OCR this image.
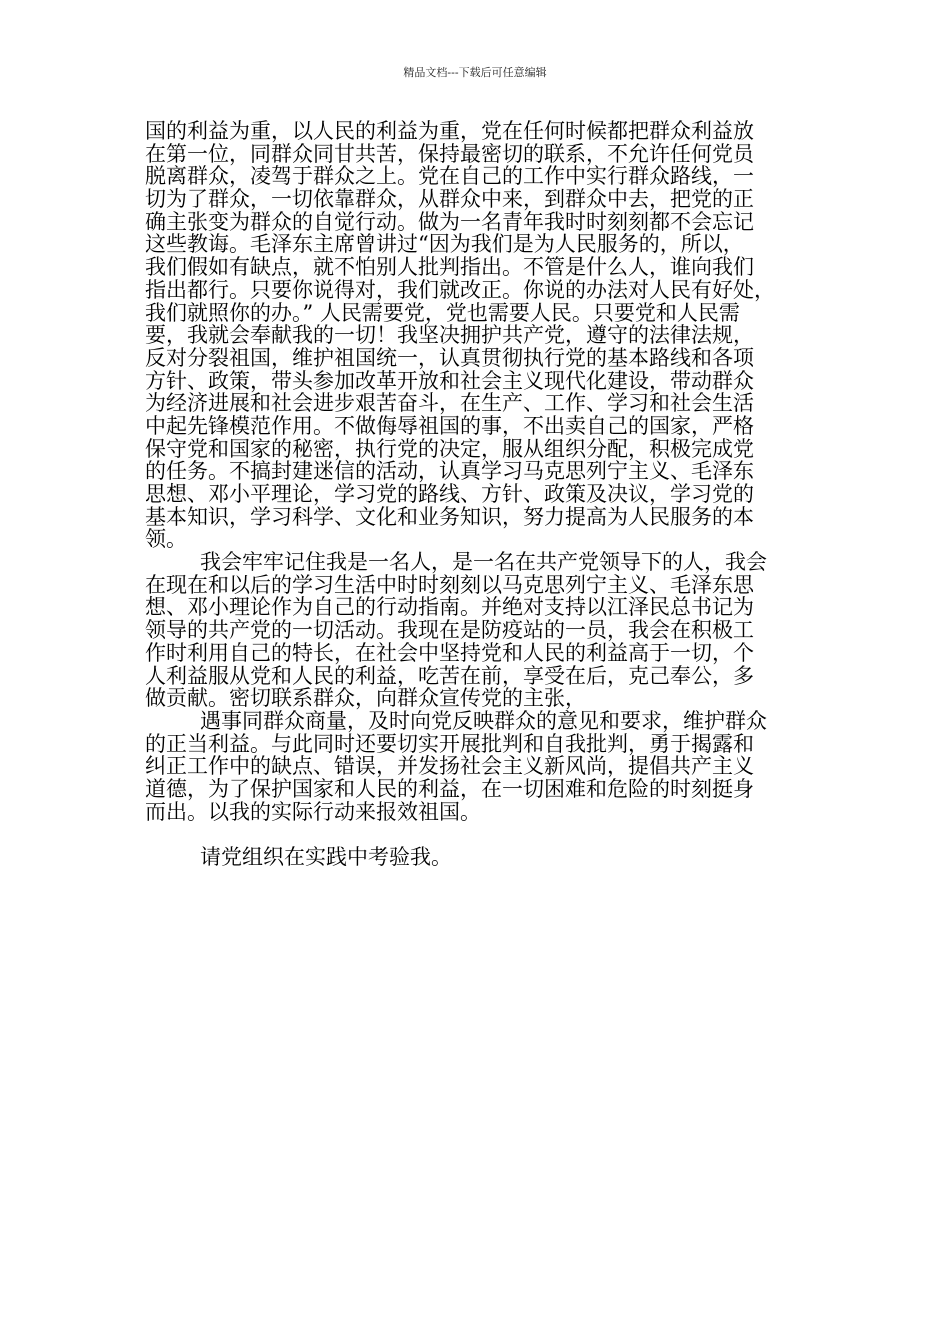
精品文档---下载后可任意编辑
国的利益为重，以人民的利益为重，党在任何时候都把群众利益放
在第一位，同群众同甘共苦，保持最密切的联系，不允许任何党员
脱离群众，凌驾于群众之上。党在自己的工作中实行群众路线，一
切为了群众，一切依靠群众，从群众中来，到群众中去，把党的正
确主张变为群众的自觉行动。做为一名青年我时时刻刻都不会忘记
这些教诲。毛泽东主席曾讲过“因为我们是为人民服务的，所以，
我们假如有缺点，就不怕别人批判指出。不管是什么人，谁向我们
指出都行。只要你说得对，我们就改正。你说的办法对人民有好处，
我们就照你的办。” 人民需要党，党也需要人民。只要党和人民需
要，我就会奉献我的一切！我坚决拥护共产党，遵守的法律法规，
反对分裂祖国，维护祖国统一，认真贯彻执行党的基本路线和各项
方针、政策，带头参加改革开放和社会主义现代化建设，带动群众
为经济进展和社会进步艰苦奋斗，在生产、工作、学习和社会生活
中起先锋模范作用。不做侮辱祖国的事，不出卖自己的国家，严格
保守党和国家的秘密，执行党的决定，服从组织分配，积极完成党
的任务。不搞封建迷信的活动，认真学习马克思列宁主义、毛泽东
思想、邓小平理论，学习党的路线、方针、政策及决议，学习党的
基本知识，学习科学、文化和业务知识，努力提高为人民服务的本
领。
我会牢牢记住我是一名人，是一名在共产党领导下的人，我会
在现在和以后的学习生活中时时刻刻以马克思列宁主义、毛泽东思
想、邓小理论作为自己的行动指南。并绝对支持以江泽民总书记为
领导的共产党的一切活动。我现在是防疫站的一员，我会在积极工
作时利用自己的特长，在社会中坚持党和人民的利益高于一切，个
人利益服从党和人民的利益，吃苦在前，享受在后，克己奉公，多
做贡献。密切联系群众，向群众宣传党的主张，
遇事同群众商量，及时向党反映群众的意见和要求，维护群众
的正当利益。与此同时还要切实开展批判和自我批判，勇于揭露和
纠正工作中的缺点、错误，并发扬社会主义新风尚，提倡共产主义
道德，为了保护国家和人民的利益，在一切困难和危险的时刻挺身
而出。以我的实际行动来报效祖国。
请党组织在实践中考验我。
